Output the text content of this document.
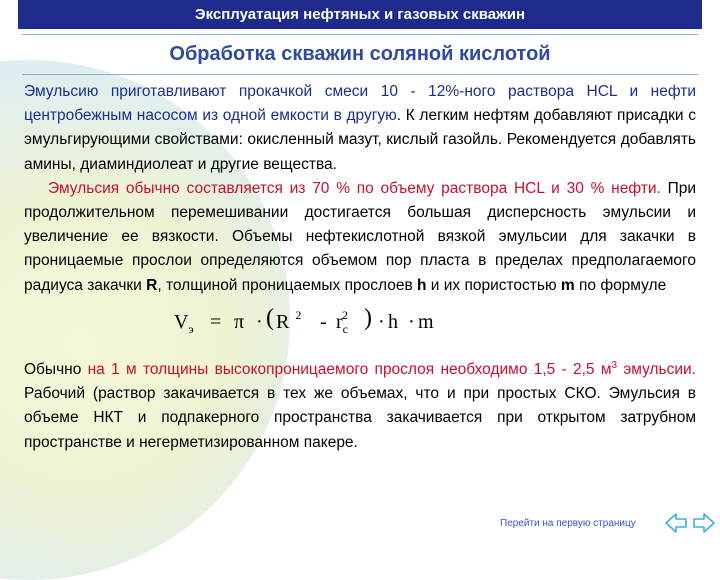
Эксплуатация нефтяных и газовых скважин
Обработка скважин соляной кислотой

Эмульсию приготавливают прокачкой смеси 10 - 12%-ного раствора HCL и нефти центробежным насосом из одной емкости в другую. К легким нефтям добавляют присадки с эмульгирующими свойствами: окисленный мазут, кислый газойль. Рекомендуется добавлять амины, диаминдиолеат и другие вещества.

Эмульсия обычно составляется из 70 % по объему раствора HCL и 30 % нефти. При продолжительном перемешивании достигается большая дисперсность эмульсии и увеличение ее вязкости. Объемы нефтекислотной вязкой эмульсии для закачки в проницаемые прослои определяются объемом пор пласта в пределах предполагаемого радиуса закачки R, толщиной проницаемых прослоев h и их пористостью m по формуле

$V_э = \pi$ · ( R $^2 - r_c^2$ ) · h · m

Обычно на 1 м толщины высокопроницаемого прослоя необходимо 1,5 - 2,5 $м^3$ эмульсии. Рабочий (раствор закачивается в тех же объемах, что и при простых СКО. Эмульсия в объеме НКТ и подпакерного пространства закачивается при открытом затрубном пространстве и негерметизированном пакере.

Перейти на первую страницу
